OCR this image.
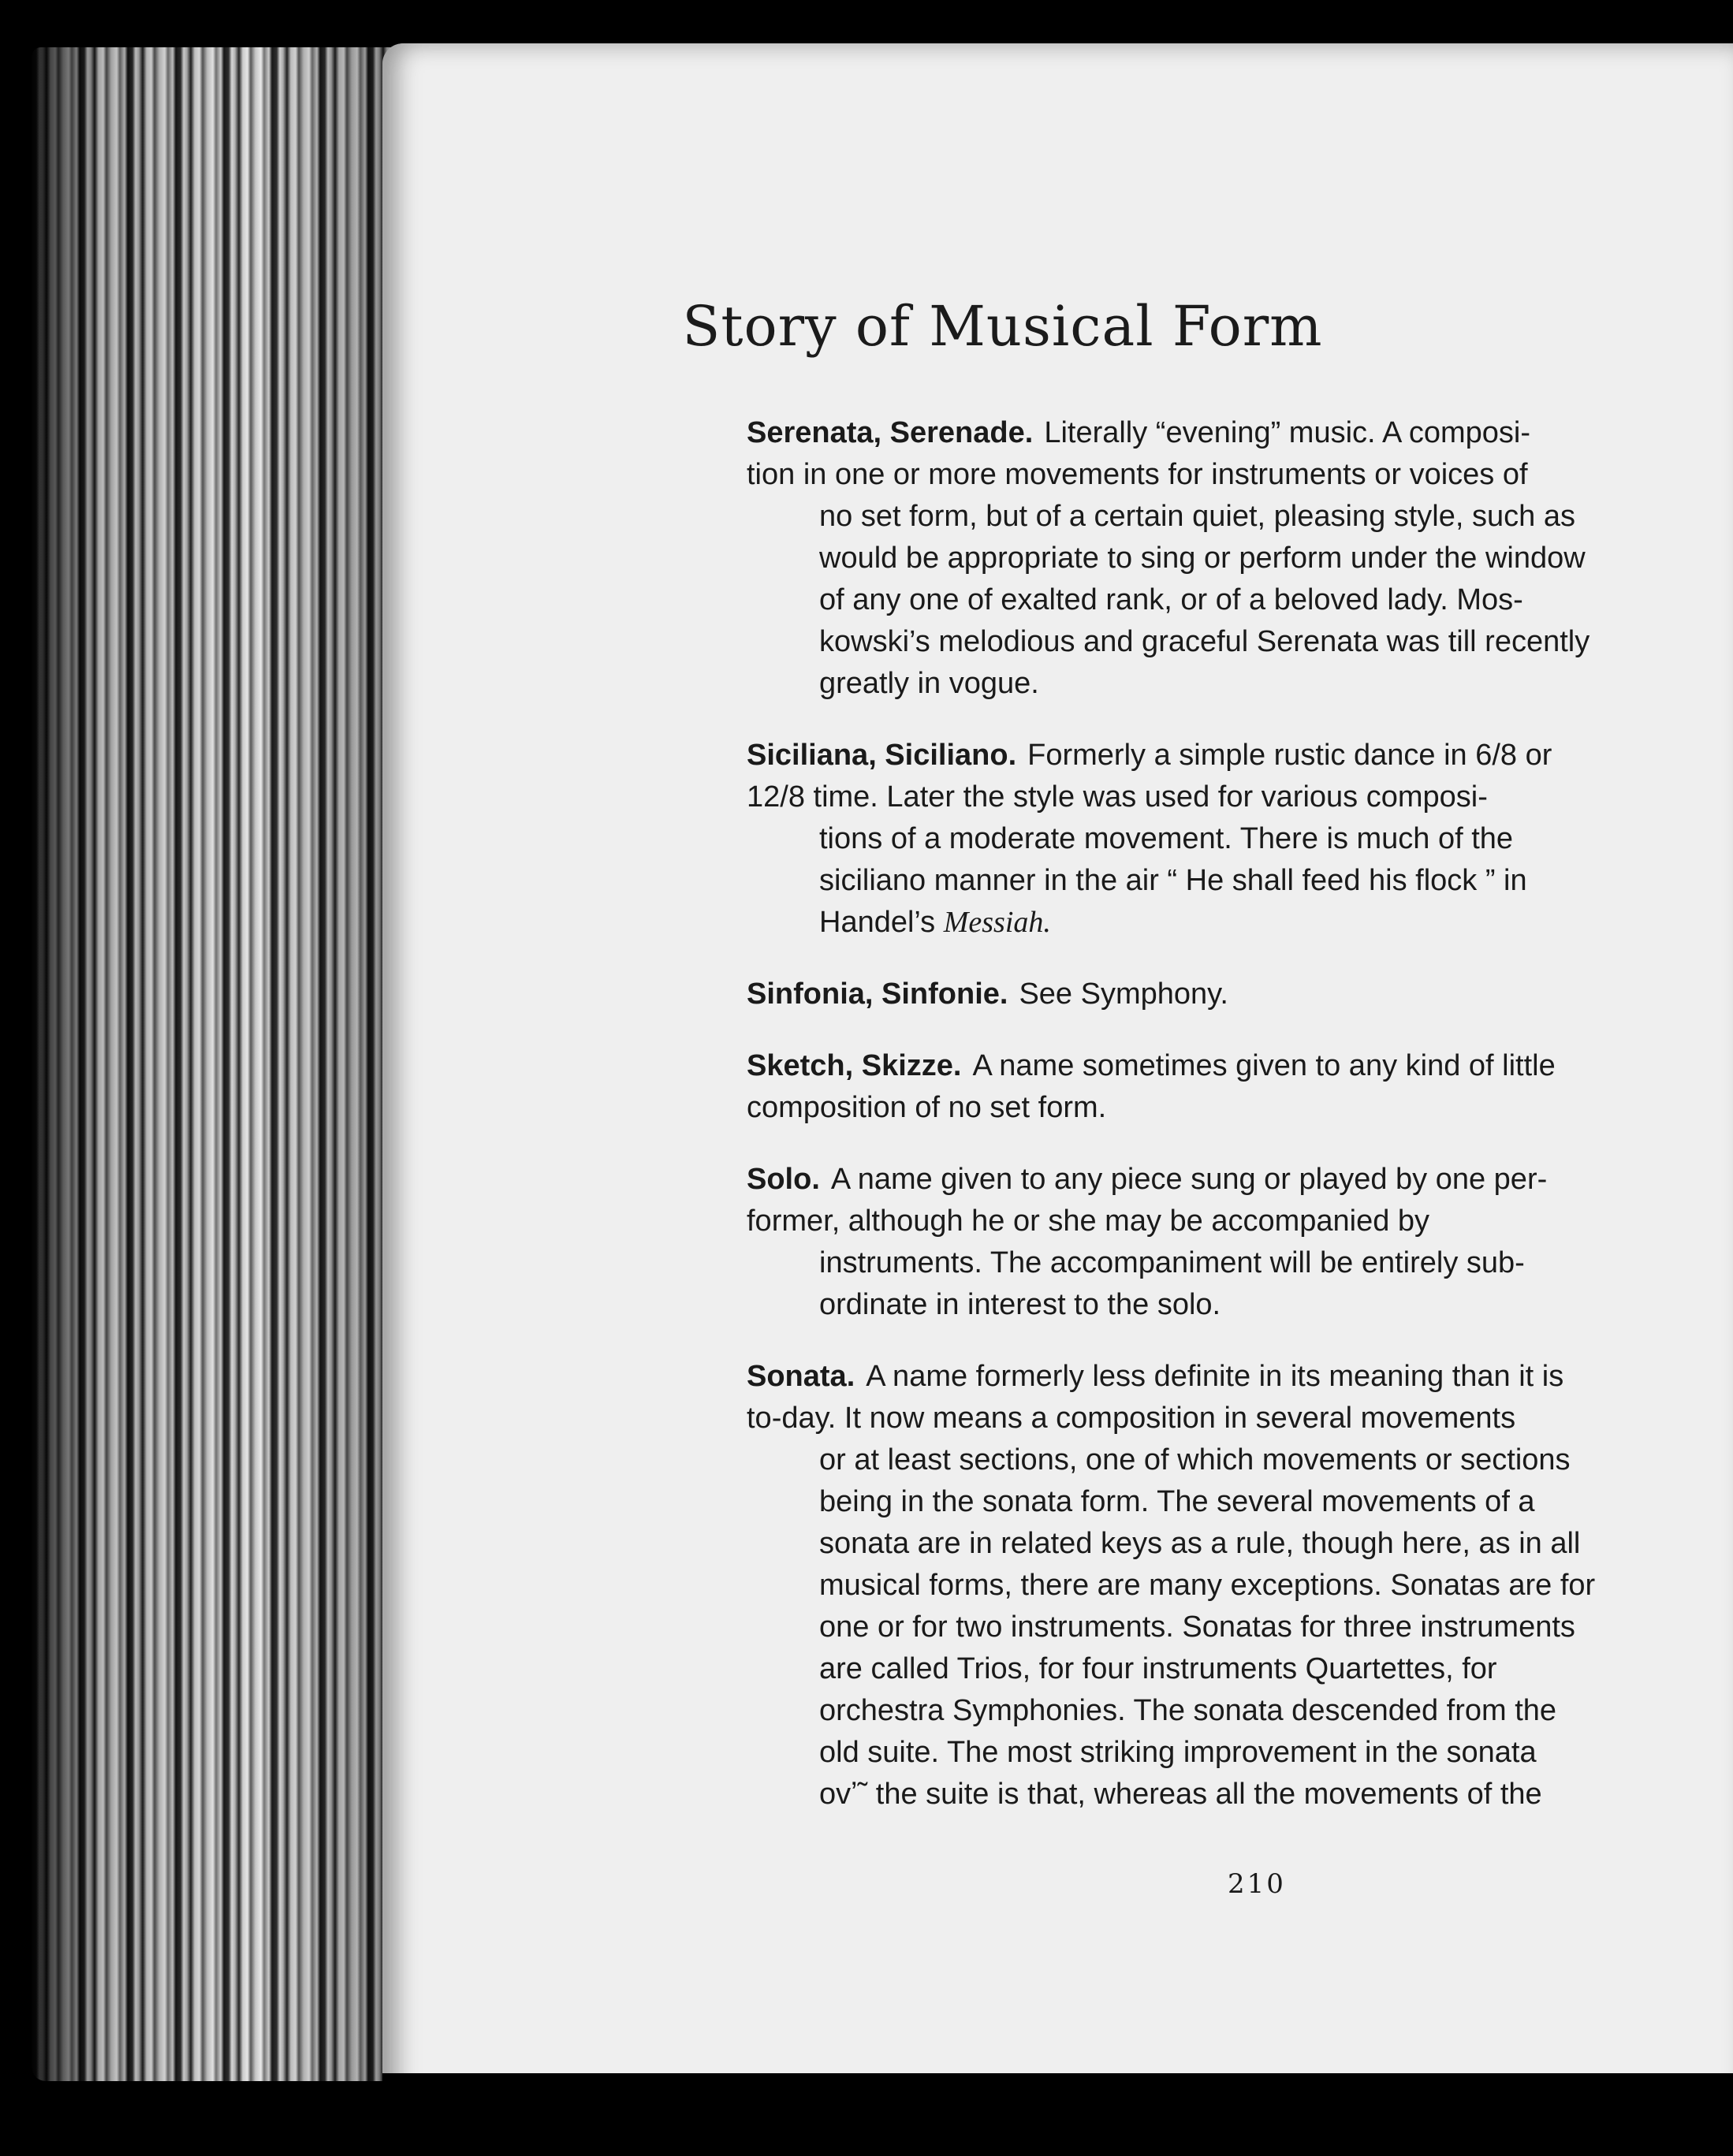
Story of Musical Form

Serenata, Serenade. Literally “evening” music. A composi-
tion in one or more movements for instruments or voices of
no set form, but of a certain quiet, pleasing style, such as
would be appropriate to sing or perform under the window
of any one of exalted rank, or of a beloved lady. Mos-
kowski’s melodious and graceful Serenata was till recently
greatly in vogue.

Siciliana, Siciliano. Formerly a simple rustic dance in 6/8 or
12/8 time. Later the style was used for various composi-
tions of a moderate movement. There is much of the
siciliano manner in the air “ He shall feed his flock ” in
Handel’s Messiah.

Sinfonia, Sinfonie. See Symphony.

Sketch, Skizze. A name sometimes given to any kind of little
composition of no set form.

Solo. A name given to any piece sung or played by one per-
former, although he or she may be accompanied by
instruments. The accompaniment will be entirely sub-
ordinate in interest to the solo.

Sonata. A name formerly less definite in its meaning than it is
to-day. It now means a composition in several movements
or at least sections, one of which movements or sections
being in the sonata form. The several movements of a
sonata are in related keys as a rule, though here, as in all
musical forms, there are many exceptions. Sonatas are for
one or for two instruments. Sonatas for three instruments
are called Trios, for four instruments Quartettes, for
orchestra Symphonies. The sonata descended from the
old suite. The most striking improvement in the sonata
ovʼ˜ the suite is that, whereas all the movements of the

210
